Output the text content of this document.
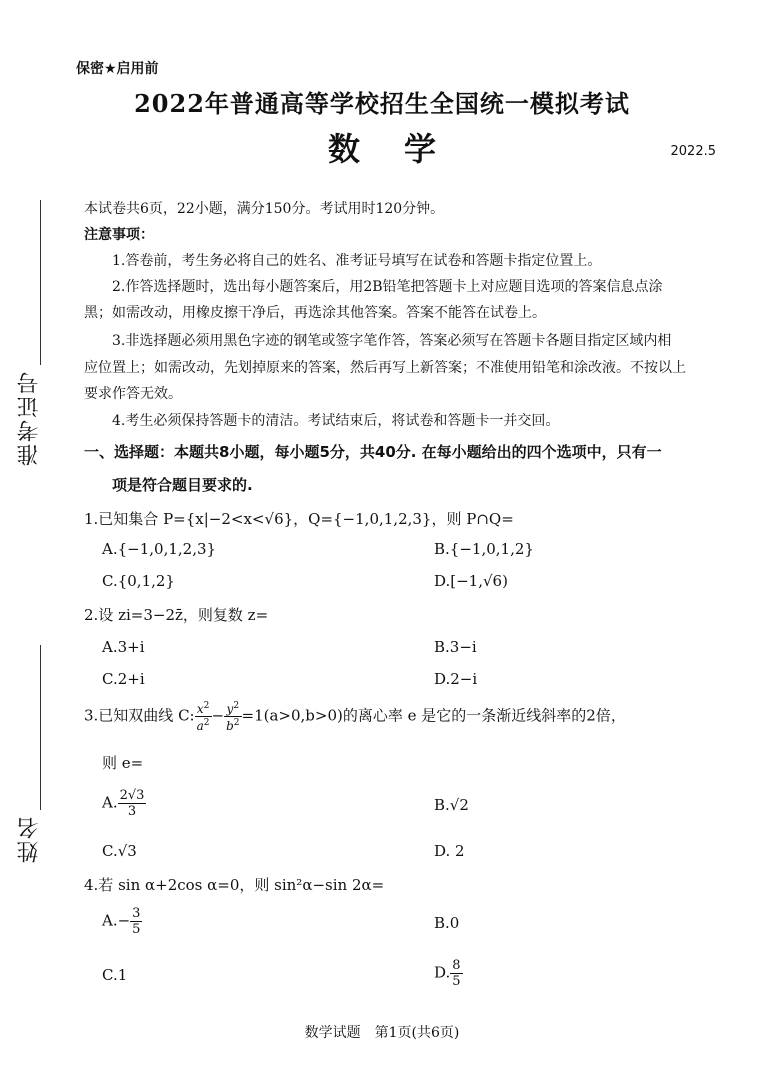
保密★启用前
2022年普通高等学校招生全国统一模拟考试
数 学	2022.5
准考证号
姓名
本试卷共6页，22小题，满分150分。考试用时120分钟。
注意事项：
1.答卷前，考生务必将自己的姓名、准考证号填写在试卷和答题卡指定位置上。
2.作答选择题时，选出每小题答案后，用2B铅笔把答题卡上对应题目选项的答案信息点涂
黑；如需改动，用橡皮擦干净后，再选涂其他答案。答案不能答在试卷上。
3.非选择题必须用黑色字迹的钢笔或签字笔作答，答案必须写在答题卡各题目指定区域内相
应位置上；如需改动，先划掉原来的答案，然后再写上新答案；不准使用铅笔和涂改液。不按以上
要求作答无效。
4.考生必须保持答题卡的清洁。考试结束后，将试卷和答题卡一并交回。
一、选择题：本题共8小题，每小题5分，共40分. 在每小题给出的四个选项中，只有一
项是符合题目要求的.
1.已知集合 P={x|−2<x<√6}，Q={−1,0,1,2,3}，则 P∩Q=
A.{−1,0,1,2,3}	B.{−1,0,1,2}
C.{0,1,2}	D.[−1,√6)
2.设 zi=3−2z̄，则复数 z=
A.3+i	B.3−i
C.2+i	D.2−i
3.已知双曲线 C: $\frac{x^2}{a^2} - \frac{y^2}{b^2} =1(a>0,b>0)$的离心率 e 是它的一条渐近线斜率的2倍，
则 e=
A. $\frac{2√3}{3}$	B.√2
C.√3	D. 2
4.若 sin α+2cos α=0，则 sin²α−sin 2α=
$A.- \frac{3}{5}$	B.0
C.1	D. $\frac{8}{5}$
数学试题　第1页(共6页)
